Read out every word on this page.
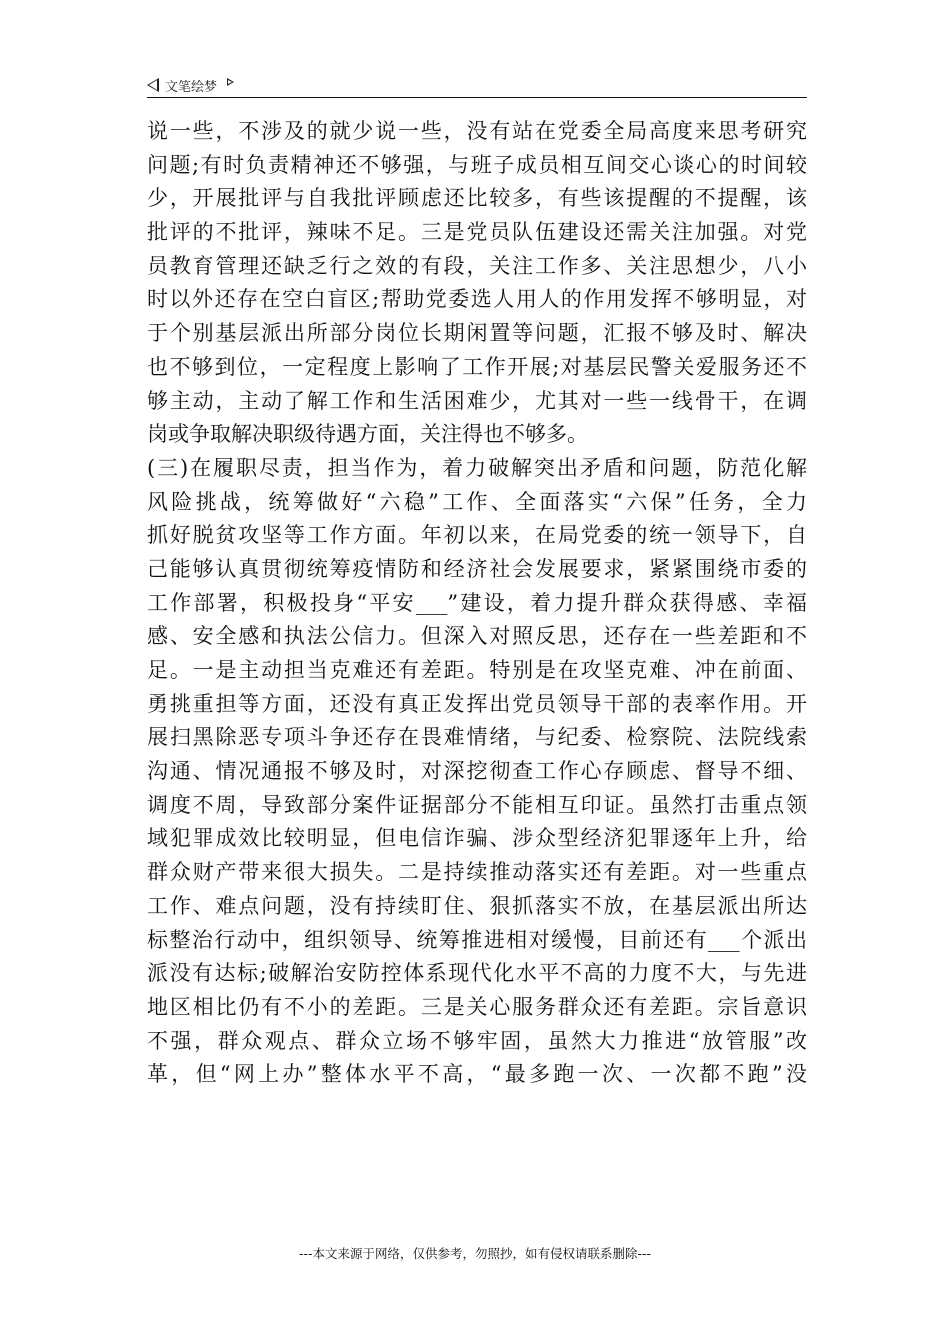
文笔绘梦
说一些，不涉及的就少说一些，没有站在党委全局高度来思考研究
问题;有时负责精神还不够强，与班子成员相互间交心谈心的时间较
少，开展批评与自我批评顾虑还比较多，有些该提醒的不提醒，该
批评的不批评，辣味不足。三是党员队伍建设还需关注加强。对党
员教育管理还缺乏行之效的有段，关注工作多、关注思想少，八小
时以外还存在空白盲区;帮助党委选人用人的作用发挥不够明显，对
于个别基层派出所部分岗位长期闲置等问题，汇报不够及时、解决
也不够到位，一定程度上影响了工作开展;对基层民警关爱服务还不
够主动，主动了解工作和生活困难少，尤其对一些一线骨干，在调
岗或争取解决职级待遇方面，关注得也不够多。
(三)在履职尽责，担当作为，着力破解突出矛盾和问题，防范化解
风险挑战，统筹做好“六稳”工作、全面落实“六保”任务，全力
抓好脱贫攻坚等工作方面。年初以来，在局党委的统一领导下，自
己能够认真贯彻统筹疫情防和经济社会发展要求，紧紧围绕市委的
工作部署，积极投身“平安___”建设，着力提升群众获得感、幸福
感、安全感和执法公信力。但深入对照反思，还存在一些差距和不
足。一是主动担当克难还有差距。特别是在攻坚克难、冲在前面、
勇挑重担等方面，还没有真正发挥出党员领导干部的表率作用。开
展扫黑除恶专项斗争还存在畏难情绪，与纪委、检察院、法院线索
沟通、情况通报不够及时，对深挖彻查工作心存顾虑、督导不细、
调度不周，导致部分案件证据部分不能相互印证。虽然打击重点领
域犯罪成效比较明显，但电信诈骗、涉众型经济犯罪逐年上升，给
群众财产带来很大损失。二是持续推动落实还有差距。对一些重点
工作、难点问题，没有持续盯住、狠抓落实不放，在基层派出所达
标整治行动中，组织领导、统筹推进相对缓慢，目前还有___个派出
派没有达标;破解治安防控体系现代化水平不高的力度不大，与先进
地区相比仍有不小的差距。三是关心服务群众还有差距。宗旨意识
不强，群众观点、群众立场不够牢固，虽然大力推进“放管服”改
革，但“网上办”整体水平不高，“最多跑一次、一次都不跑”没
---本文来源于网络，仅供参考，勿照抄，如有侵权请联系删除---
